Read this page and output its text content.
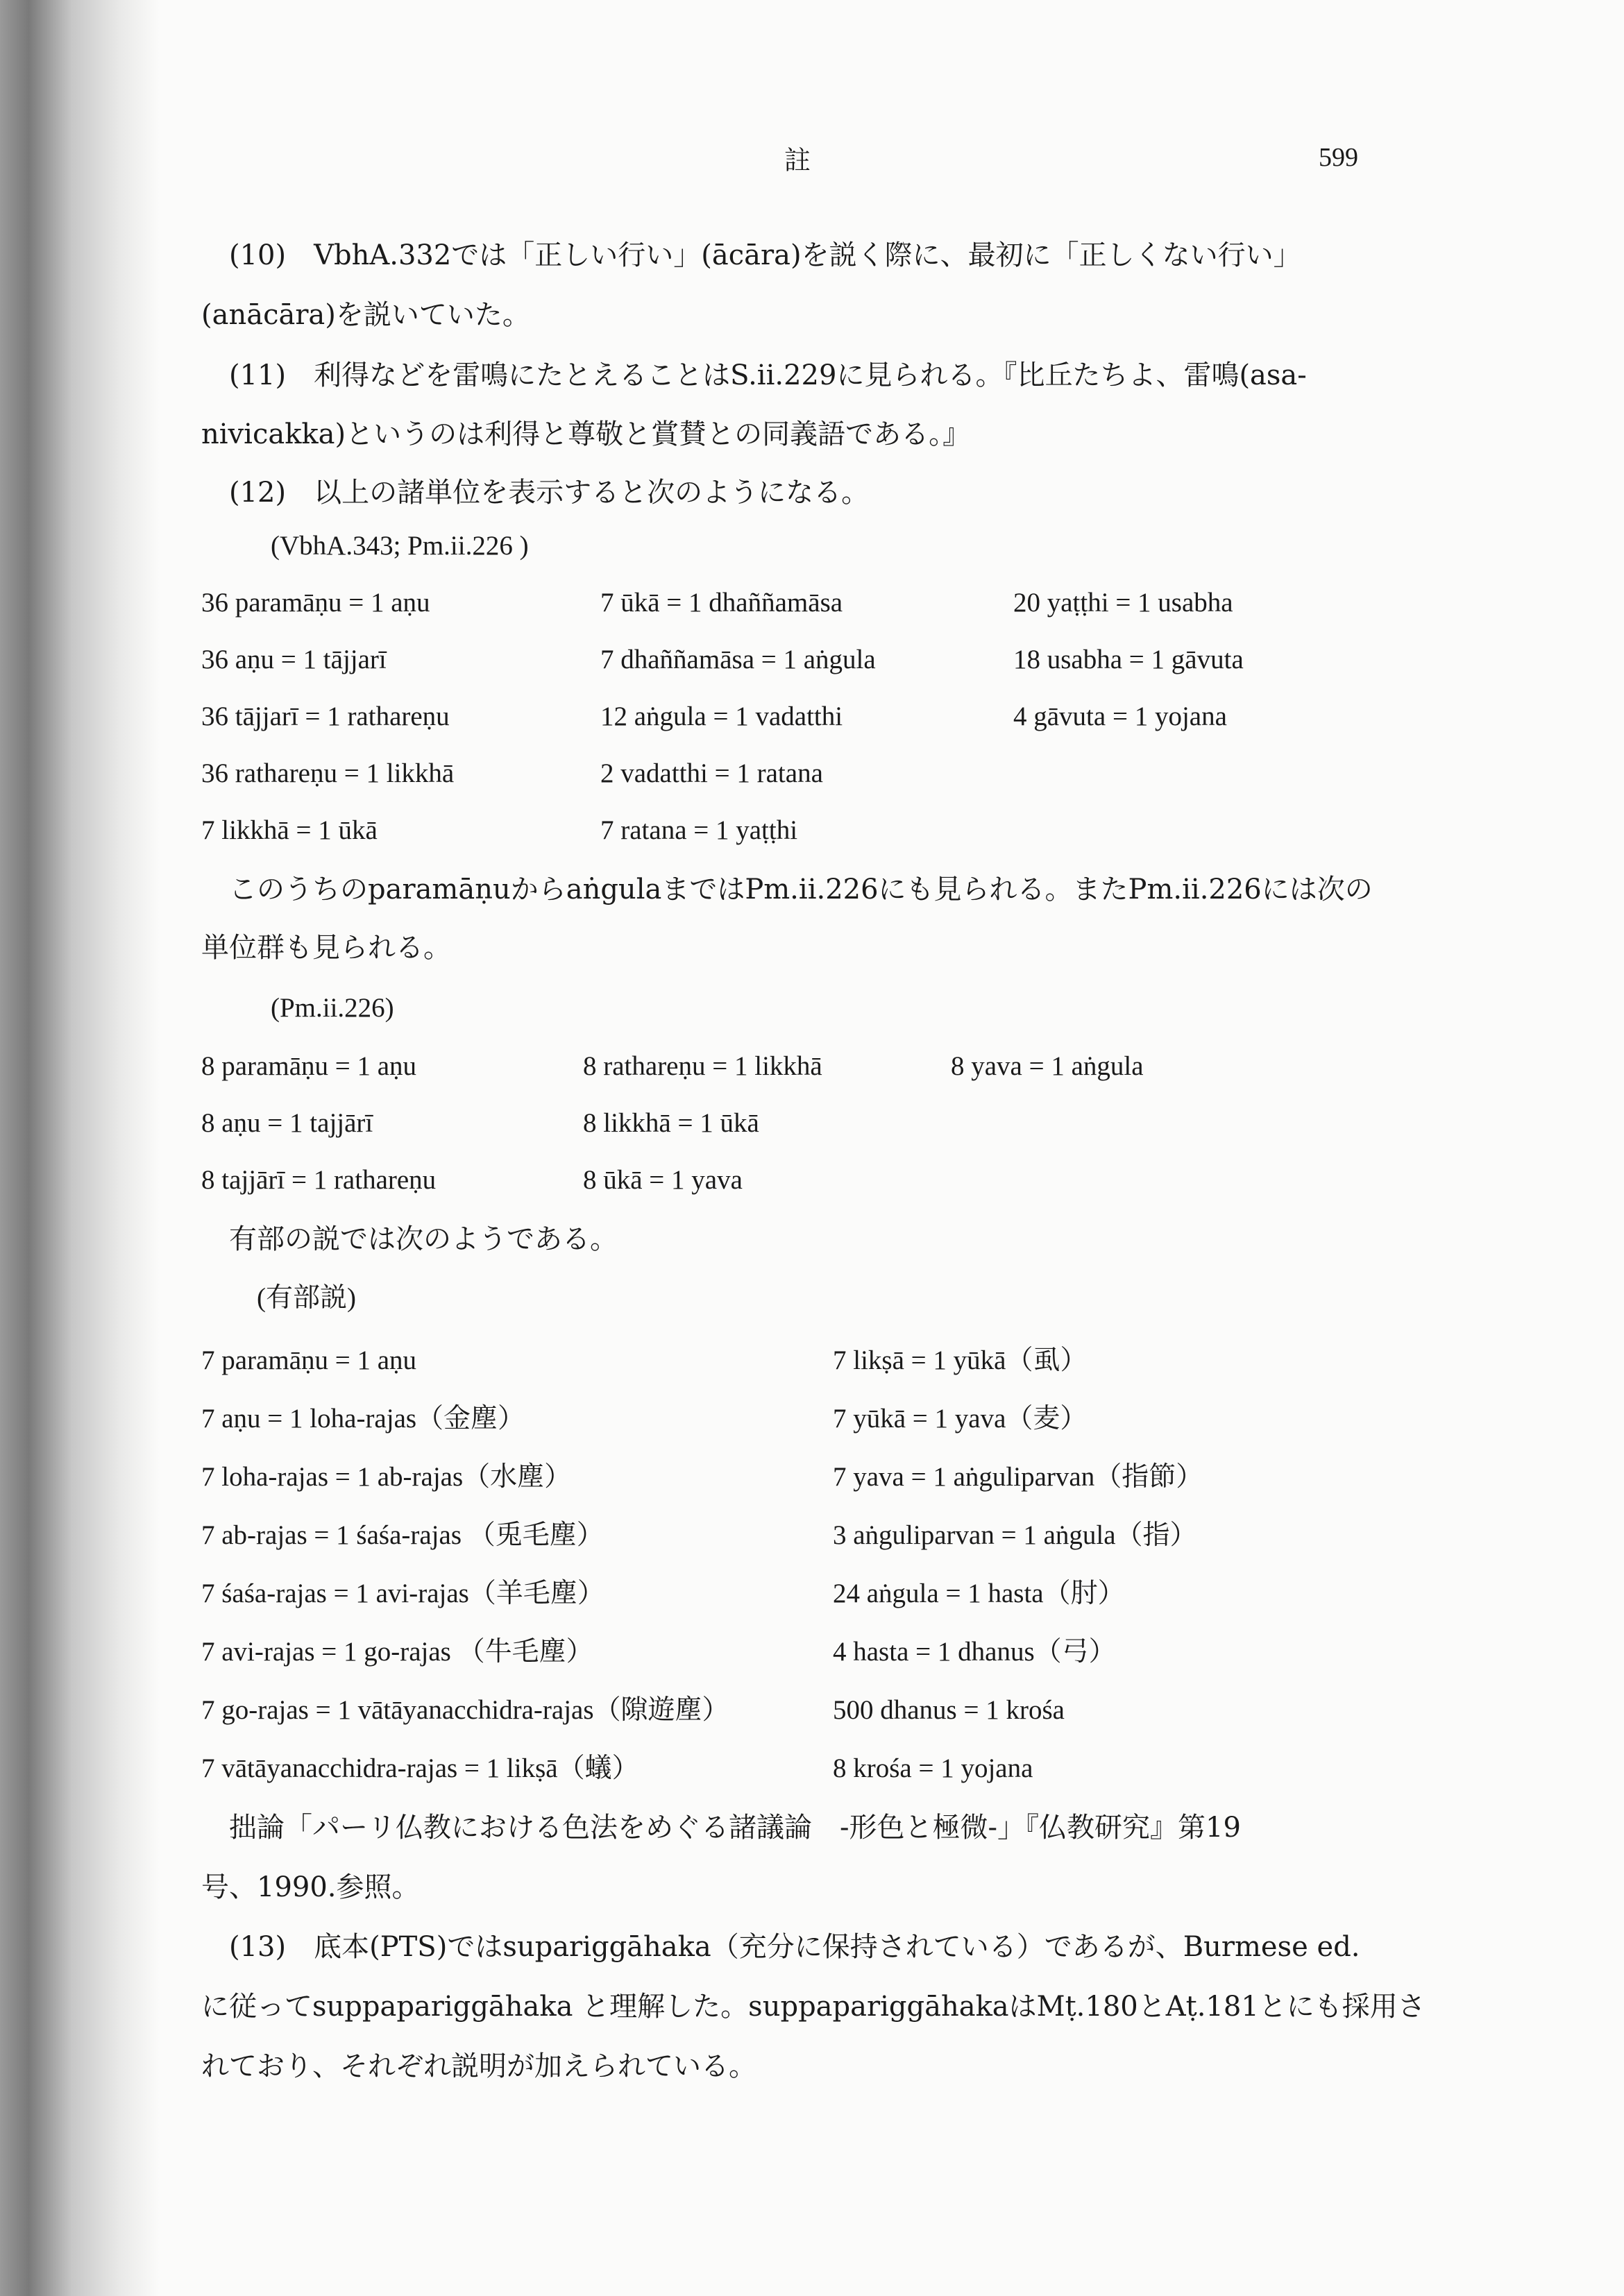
註	599
(10)　VbhA.332では「正しい行い」(ācāra)を説く際に、最初に「正しくない行い」
(anācāra)を説いていた。
(11)　利得などを雷鳴にたとえることはS.ii.229に見られる。『比丘たちよ、雷鳴(asa-
nivicakka)というのは利得と尊敬と賞賛との同義語である。』
(12)　以上の諸単位を表示すると次のようになる。
(VbhA.343; Pm.ii.226 )
36 paramāṇu = 1 aṇu
36 aṇu = 1 tājjarī
36 tājjarī = 1 rathareṇu
36 rathareṇu = 1 likkhā
7 likkhā = 1 ūkā
7 ūkā = 1 dhaññamāsa
7 dhaññamāsa = 1 aṅgula
12 aṅgula = 1 vadatthi
2 vadatthi = 1 ratana
7 ratana = 1 yaṭṭhi
20 yaṭṭhi = 1 usabha
18 usabha = 1 gāvuta
4 gāvuta = 1 yojana
このうちのparamāṇuからaṅgulaまではPm.ii.226にも見られる。またPm.ii.226には次の
単位群も見られる。
(Pm.ii.226)
8 paramāṇu = 1 aṇu
8 aṇu = 1 tajjārī
8 tajjārī = 1 rathareṇu
8 rathareṇu = 1 likkhā
8 likkhā = 1 ūkā
8 ūkā = 1 yava
8 yava = 1 aṅgula
有部の説では次のようである。
(有部説)
7 paramāṇu = 1 aṇu
7 aṇu = 1 loha-rajas（金塵）
7 loha-rajas = 1 ab-rajas（水塵）
7 ab-rajas = 1 śaśa-rajas （兎毛塵）
7 śaśa-rajas = 1 avi-rajas（羊毛塵）
7 avi-rajas = 1 go-rajas （牛毛塵）
7 go-rajas = 1 vātāyanacchidra-rajas（隙遊塵）
7 vātāyanacchidra-rajas = 1 likṣā（蟻）
7 likṣā = 1 yūkā（虱）
7 yūkā = 1 yava（麦）
7 yava = 1 aṅguliparvan（指節）
3 aṅguliparvan = 1 aṅgula（指）
24 aṅgula = 1 hasta（肘）
4 hasta = 1 dhanus（弓）
500 dhanus = 1 krośa
8 krośa = 1 yojana
拙論「パーリ仏教における色法をめぐる諸議論　-形色と極微-」『仏教研究』第19
号、1990.参照。
(13)　底本(PTS)ではsupariggāhaka（充分に保持されている）であるが、Burmese ed.
に従ってsuppapariggāhaka と理解した。suppapariggāhakaはMṭ.180とAṭ.181とにも採用さ
れており、それぞれ説明が加えられている。
